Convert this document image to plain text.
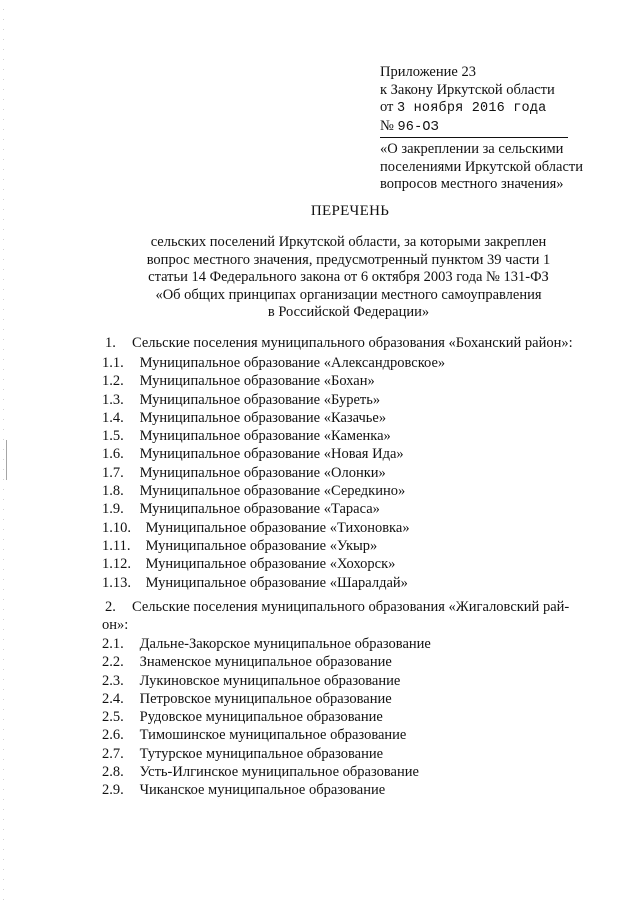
Приложение 23
к Закону Иркутской области
от 3 ноября 2016 года
№ 96-ОЗ
«О закреплении за сельскими
поселениями Иркутской области
вопросов местного значения»
ПЕРЕЧЕНЬ
сельских поселений Иркутской области, за которыми закреплен
вопрос местного значения, предусмотренный пунктом 39 части 1
статьи 14 Федерального закона от 6 октября 2003 года № 131-ФЗ
«Об общих принципах организации местного самоуправления
в Российской Федерации»
1. Сельские поселения муниципального образования «Боханский район»:
1.1. Муниципальное образование «Александровское»
1.2. Муниципальное образование «Бохан»
1.3. Муниципальное образование «Буреть»
1.4. Муниципальное образование «Казачье»
1.5. Муниципальное образование «Каменка»
1.6. Муниципальное образование «Новая Ида»
1.7. Муниципальное образование «Олонки»
1.8. Муниципальное образование «Середкино»
1.9. Муниципальное образование «Тараса»
1.10. Муниципальное образование «Тихоновка»
1.11. Муниципальное образование «Укыр»
1.12. Муниципальное образование «Хохорск»
1.13. Муниципальное образование «Шаралдай»
2. Сельские поселения муниципального образования «Жигаловский рай-
он»:
2.1. Дальне-Закорское муниципальное образование
2.2. Знаменское муниципальное образование
2.3. Лукиновское муниципальное образование
2.4. Петровское муниципальное образование
2.5. Рудовское муниципальное образование
2.6. Тимошинское муниципальное образование
2.7. Тутурское муниципальное образование
2.8. Усть-Илгинское муниципальное образование
2.9. Чиканское муниципальное образование
